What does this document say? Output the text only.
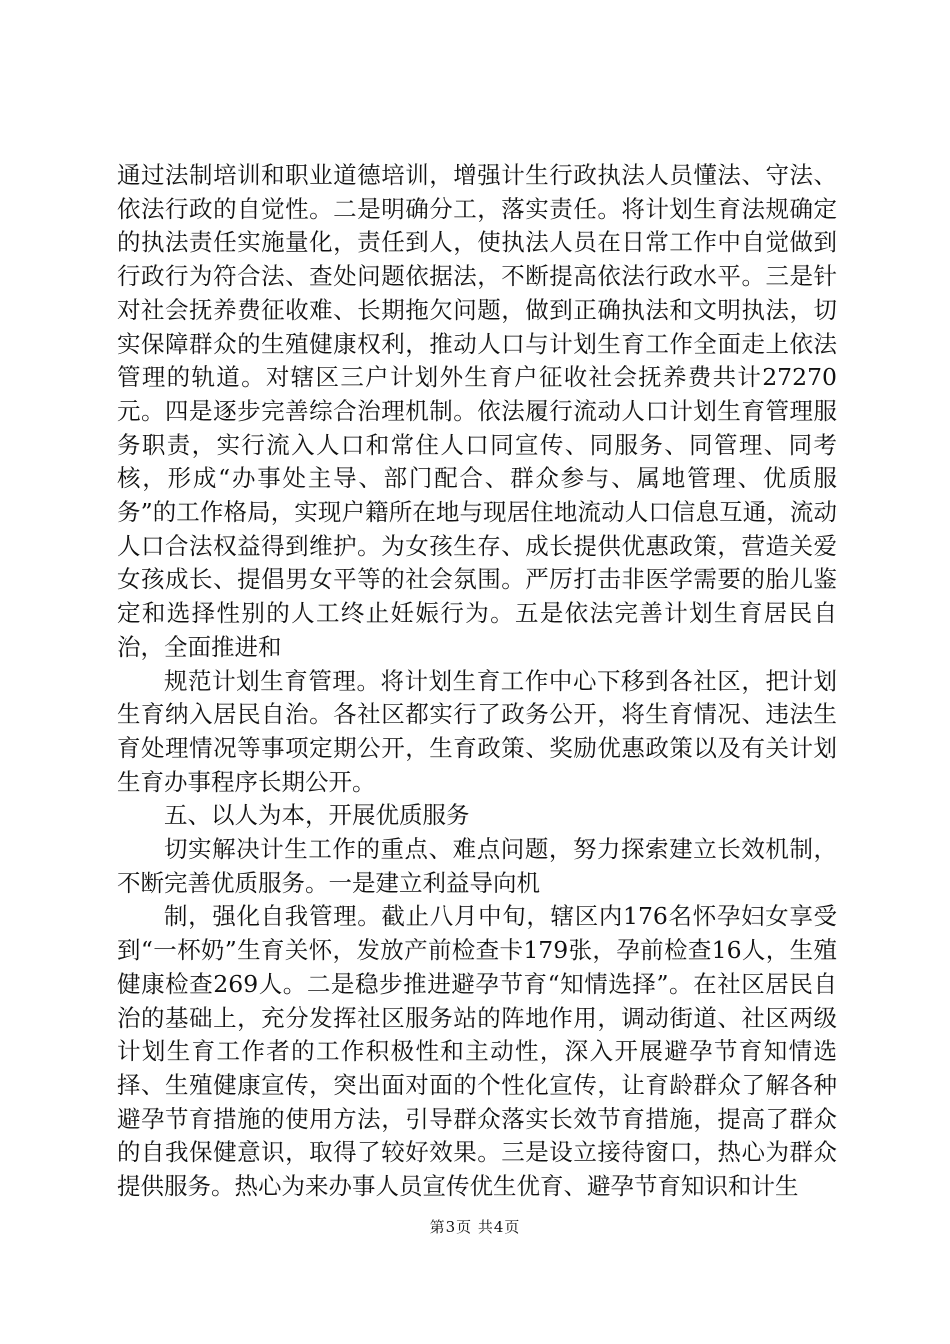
通过法制培训和职业道德培训，增强计生行政执法人员懂法、守法、依法行政的自觉性。二是明确分工，落实责任。将计划生育法规确定的执法责任实施量化，责任到人，使执法人员在日常工作中自觉做到行政行为符合法、查处问题依据法，不断提高依法行政水平。三是针对社会抚养费征收难、长期拖欠问题，做到正确执法和文明执法，切实保障群众的生殖健康权利，推动人口与计划生育工作全面走上依法管理的轨道。对辖区三户计划外生育户征收社会抚养费共计27270元。四是逐步完善综合治理机制。依法履行流动人口计划生育管理服务职责，实行流入人口和常住人口同宣传、同服务、同管理、同考核，形成“办事处主导、部门配合、群众参与、属地管理、优质服务”的工作格局，实现户籍所在地与现居住地流动人口信息互通，流动人口合法权益得到维护。为女孩生存、成长提供优惠政策，营造关爱女孩成长、提倡男女平等的社会氛围。严厉打击非医学需要的胎儿鉴定和选择性别的人工终止妊娠行为。五是依法完善计划生育居民自治，全面推进和

规范计划生育管理。将计划生育工作中心下移到各社区，把计划生育纳入居民自治。各社区都实行了政务公开，将生育情况、违法生育处理情况等事项定期公开，生育政策、奖励优惠政策以及有关计划生育办事程序长期公开。

五、以人为本，开展优质服务

切实解决计生工作的重点、难点问题，努力探索建立长效机制，不断完善优质服务。一是建立利益导向机

制，强化自我管理。截止八月中旬，辖区内176名怀孕妇女享受到“一杯奶”生育关怀，发放产前检查卡179张，孕前检查16人，生殖健康检查269人。二是稳步推进避孕节育“知情选择”。在社区居民自治的基础上，充分发挥社区服务站的阵地作用，调动街道、社区两级计划生育工作者的工作积极性和主动性，深入开展避孕节育知情选择、生殖健康宣传，突出面对面的个性化宣传，让育龄群众了解各种避孕节育措施的使用方法，引导群众落实长效节育措施，提高了群众的自我保健意识，取得了较好效果。三是设立接待窗口，热心为群众提供服务。热心为来办事人员宣传优生优育、避孕节育知识和计生

第3页 共4页
